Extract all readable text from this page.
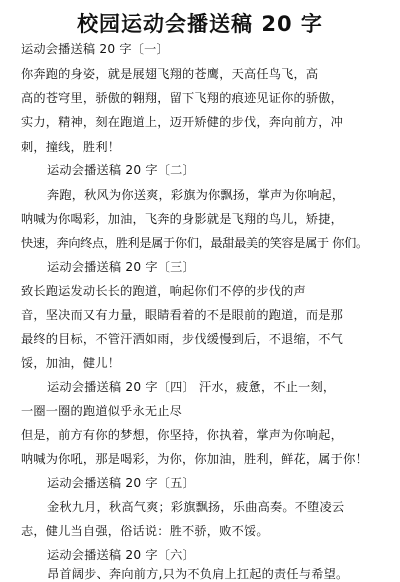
校园运动会播送稿 20 字
运动会播送稿 20 字〔一〕
你奔跑的身姿，就是展翅飞翔的苍鹰，天高任鸟飞，高
高的苍穹里，骄傲的翱翔，留下飞翔的痕迹见证你的骄傲，
实力，精神，刻在跑道上，迈开矫健的步伐，奔向前方，冲
刺，撞线，胜利！
运动会播送稿 20 字〔二〕
奔跑，秋风为你送爽，彩旗为你飘扬，掌声为你响起，
呐喊为你喝彩，加油，飞奔的身影就是飞翔的鸟儿，矫捷，
快速，奔向终点，胜利是属于你们，最甜最美的笑容是属于 你们。
运动会播送稿 20 字〔三〕
致长跑运发动长长的跑道，响起你们不停的步伐的声
音，坚决而又有力量，眼睛看着的不是眼前的跑道，而是那
最终的目标，不管汗洒如雨，步伐缓慢到后，不退缩，不气
馁，加油，健儿！
运动会播送稿 20 字〔四〕 汗水，疲惫，不止一刻，
一圈一圈的跑道似乎永无止尽
但是，前方有你的梦想，你坚持，你执着，掌声为你响起，
呐喊为你吼，那是喝彩，为你，你加油，胜利，鲜花，属于你！
运动会播送稿 20 字〔五〕
金秋九月，秋高气爽；彩旗飘扬，乐曲高奏。不堕凌云
志，健儿当自强，俗话说：胜不骄，败不馁。
运动会播送稿 20 字〔六〕
昂首阔步、奔向前方,只为不负肩上扛起的责任与希望。
